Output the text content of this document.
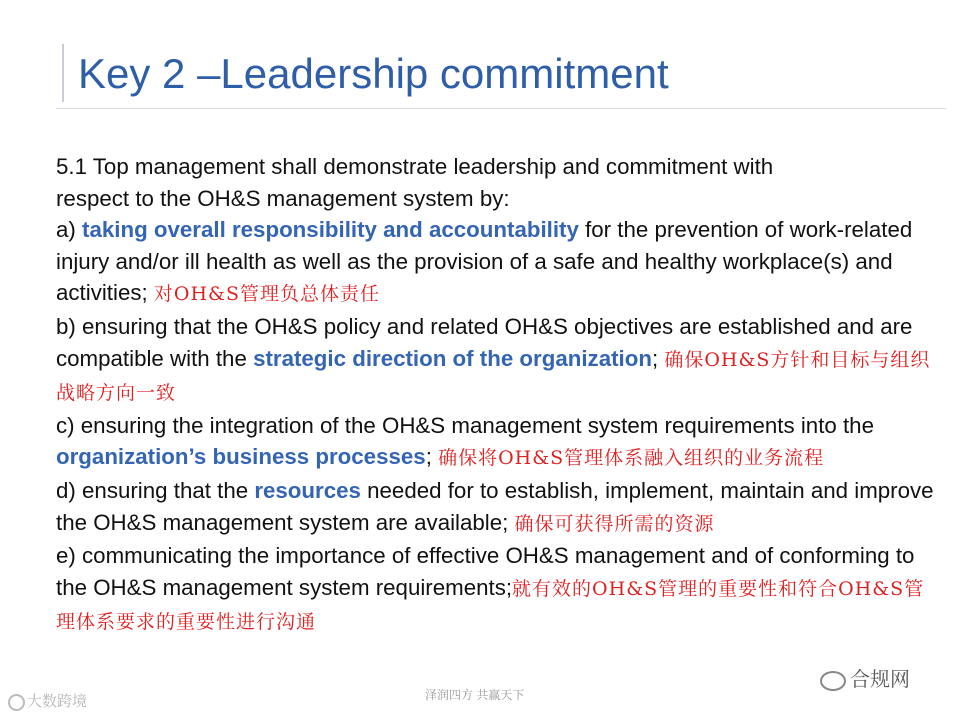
Key 2 –Leadership commitment

5.1 Top management shall demonstrate leadership and commitment with
respect to the OH&S management system by:

a) taking overall responsibility and accountability for the prevention of work-related injury and/or ill health as well as the provision of a safe and healthy workplace(s) and activities; 对OH&S管理负总体责任

b) ensuring that the OH&S policy and related OH&S objectives are established and are compatible with the strategic direction of the organization; 确保OH&S方针和目标与组织战略方向一致

c) ensuring the integration of the OH&S management system requirements into the organization’s business processes; 确保将OH&S管理体系融入组织的业务流程

d) ensuring that the resources needed for to establish, implement, maintain and improve the OH&S management system are available; 确保可获得所需的资源

e) communicating the importance of effective OH&S management and of conforming to the OH&S management system requirements;就有效的OH&S管理的重要性和符合OH&S管理体系要求的重要性进行沟通

大数跨境	泽润四方 共赢天下
合规网
